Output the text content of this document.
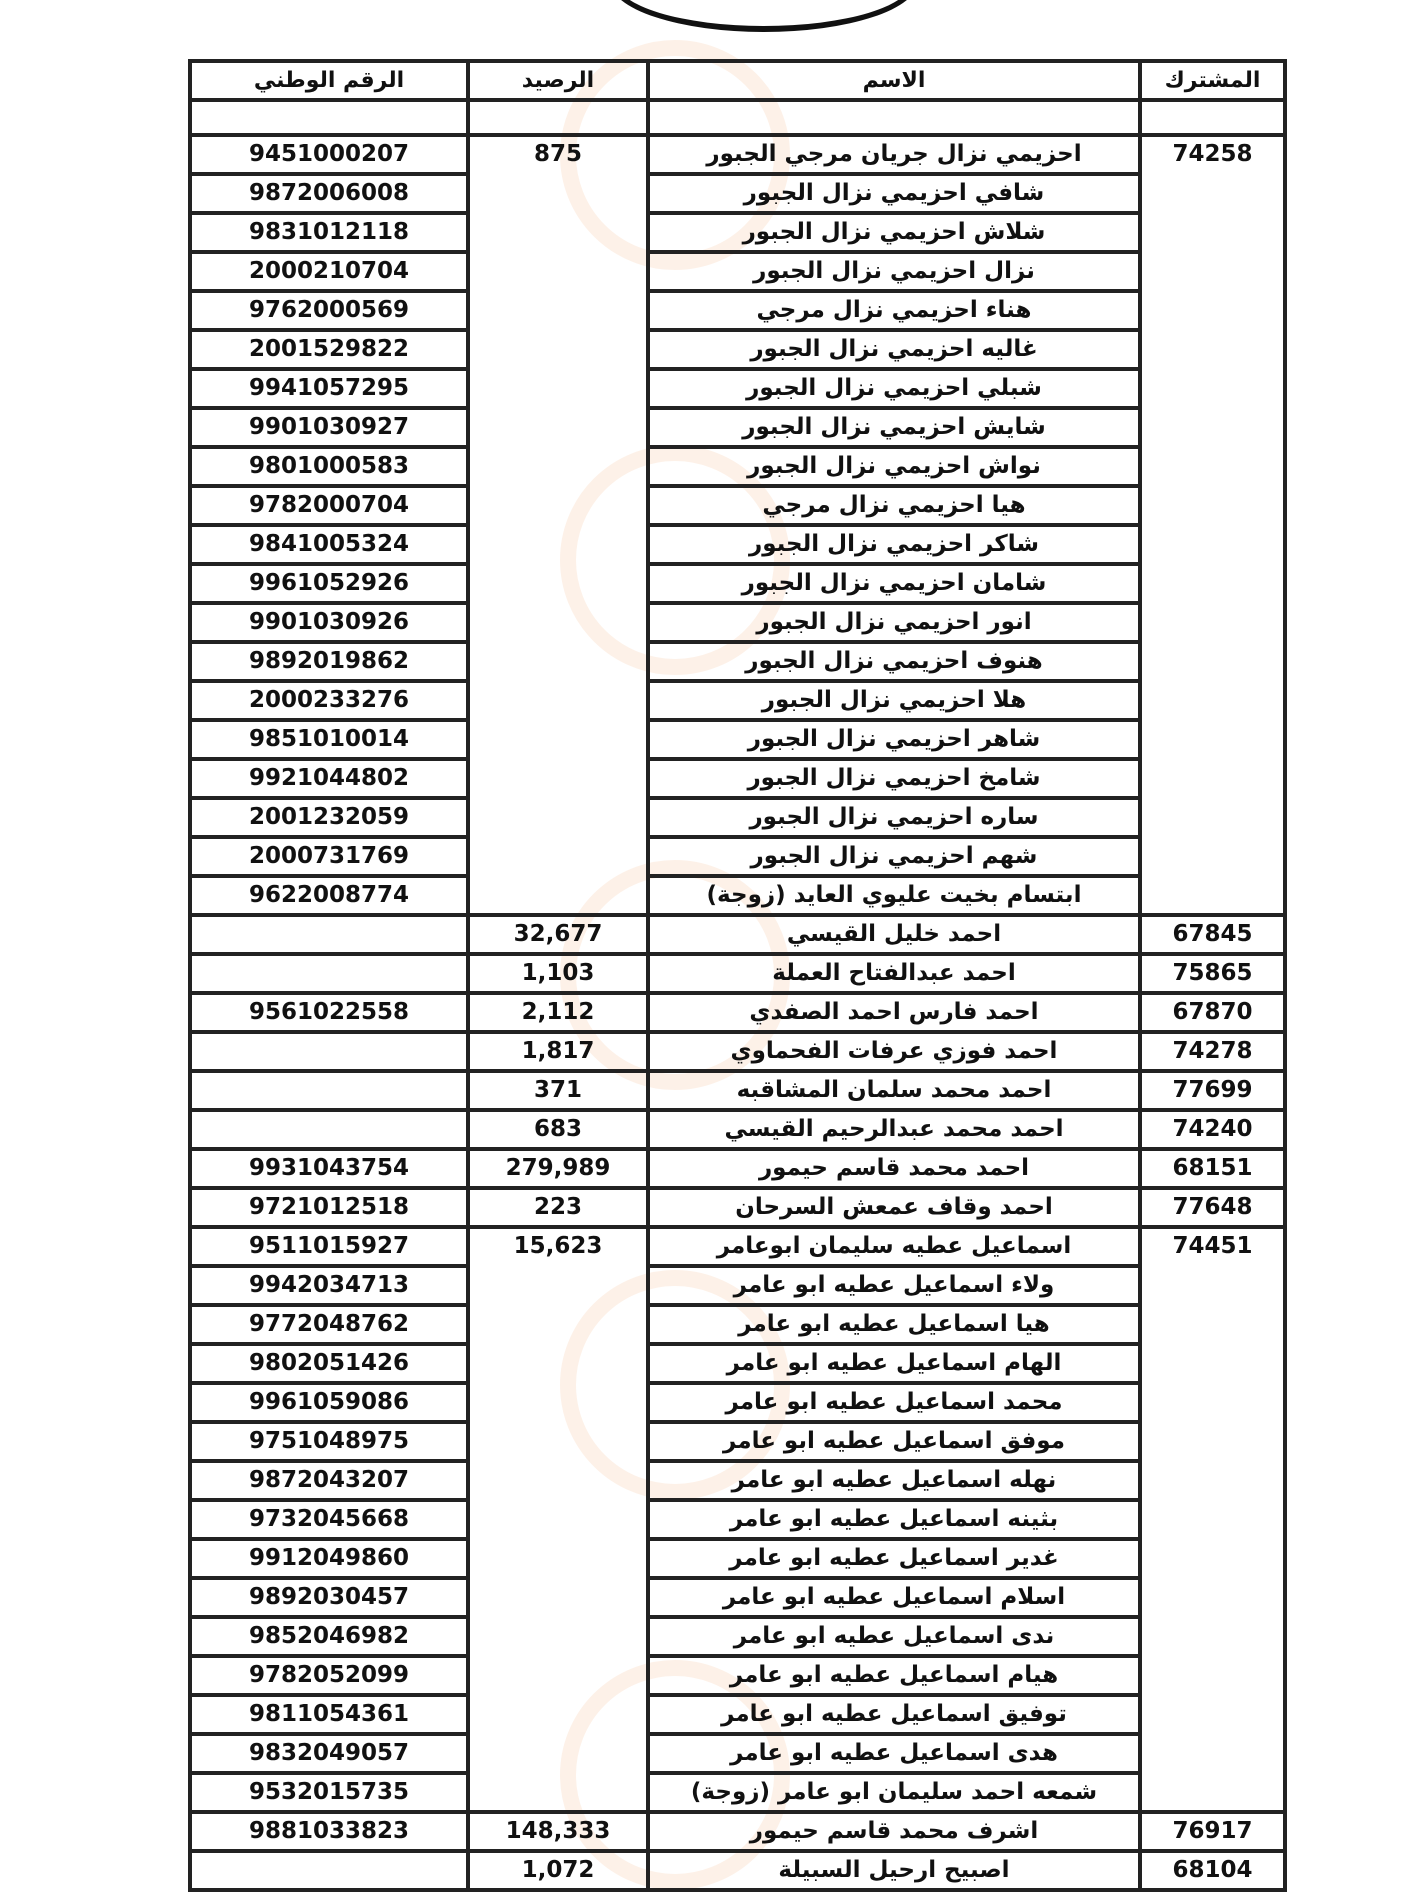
المشترك	الاسم	الرصيد	الرقم الوطني

74258	احزيمي نزال جريان مرجي الجبور	875	9451000207
	شافي احزيمي نزال الجبور		9872006008
	شلاش احزيمي نزال الجبور		9831012118
	نزال احزيمي نزال الجبور		2000210704
	هناء احزيمي نزال مرجي		9762000569
	غاليه احزيمي نزال الجبور		2001529822
	شبلي احزيمي نزال الجبور		9941057295
	شايش احزيمي نزال الجبور		9901030927
	نواش احزيمي نزال الجبور		9801000583
	هيا احزيمي نزال مرجي		9782000704
	شاكر احزيمي نزال الجبور		9841005324
	شامان احزيمي نزال الجبور		9961052926
	انور احزيمي نزال الجبور		9901030926
	هنوف احزيمي نزال الجبور		9892019862
	هلا احزيمي نزال الجبور		2000233276
	شاهر احزيمي نزال الجبور		9851010014
	شامخ احزيمي نزال الجبور		9921044802
	ساره احزيمي نزال الجبور		2001232059
	شهم احزيمي نزال الجبور		2000731769
	ابتسام بخيت عليوي العايد (زوجة)		9622008774
67845	احمد خليل القيسي	32,677	
75865	احمد عبدالفتاح العملة	1,103	
67870	احمد فارس احمد الصفدي	2,112	9561022558
74278	احمد فوزي عرفات الفحماوي	1,817	
77699	احمد محمد سلمان المشاقبه	371	
74240	احمد محمد عبدالرحيم القيسي	683	
68151	احمد محمد قاسم حيمور	279,989	9931043754
77648	احمد وقاف عمعش السرحان	223	9721012518
74451	اسماعيل عطيه سليمان ابوعامر	15,623	9511015927
	ولاء اسماعيل عطيه ابو عامر		9942034713
	هيا اسماعيل عطيه ابو عامر		9772048762
	الهام اسماعيل عطيه ابو عامر		9802051426
	محمد اسماعيل عطيه ابو عامر		9961059086
	موفق اسماعيل عطيه ابو عامر		9751048975
	نهله اسماعيل عطيه ابو عامر		9872043207
	بثينه اسماعيل عطيه ابو عامر		9732045668
	غدير اسماعيل عطيه ابو عامر		9912049860
	اسلام اسماعيل عطيه ابو عامر		9892030457
	ندى اسماعيل عطيه ابو عامر		9852046982
	هيام اسماعيل عطيه ابو عامر		9782052099
	توفيق اسماعيل عطيه ابو عامر		9811054361
	هدى اسماعيل عطيه ابو عامر		9832049057
	شمعه احمد سليمان ابو عامر (زوجة)		9532015735
76917	اشرف محمد قاسم حيمور	148,333	9881033823
68104	اصبيح ارحيل السبيلة	1,072	
